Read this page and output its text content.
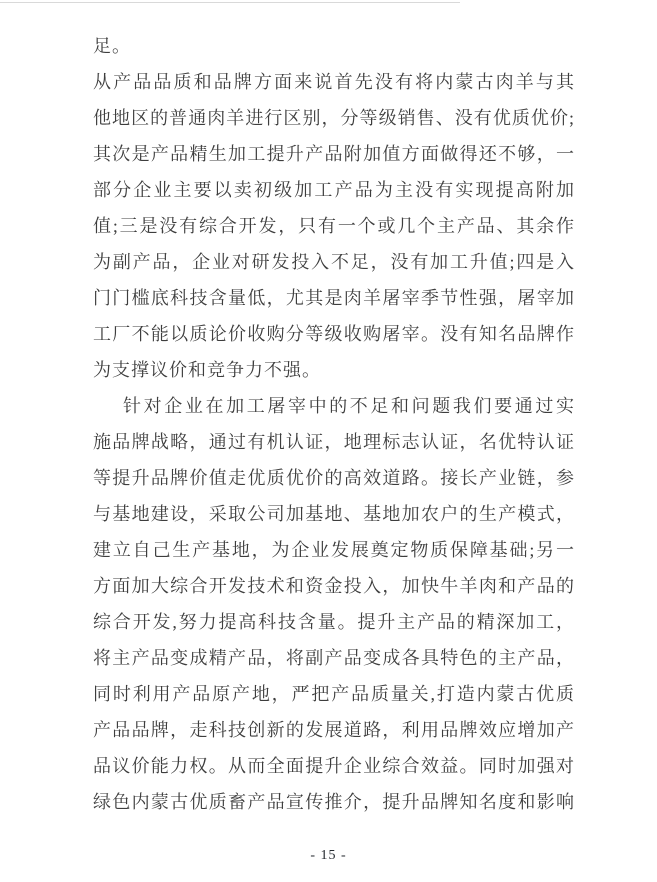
足。
从产品品质和品牌方面来说首先没有将内蒙古肉羊与其
他地区的普通肉羊进行区别，分等级销售、没有优质优价;
其次是产品精生加工提升产品附加值方面做得还不够，一
部分企业主要以卖初级加工产品为主没有实现提高附加
值;三是没有综合开发，只有一个或几个主产品、其余作
为副产品，企业对研发投入不足，没有加工升值;四是入
门门槛底科技含量低，尤其是肉羊屠宰季节性强，屠宰加
工厂不能以质论价收购分等级收购屠宰。没有知名品牌作
为支撑议价和竞争力不强。
针对企业在加工屠宰中的不足和问题我们要通过实
施品牌战略，通过有机认证，地理标志认证，名优特认证
等提升品牌价值走优质优价的高效道路。接长产业链，参
与基地建设，采取公司加基地、基地加农户的生产模式，
建立自己生产基地，为企业发展奠定物质保障基础;另一
方面加大综合开发技术和资金投入，加快牛羊肉和产品的
综合开发,努力提高科技含量。提升主产品的精深加工，
将主产品变成精产品，将副产品变成各具特色的主产品，
同时利用产品原产地，严把产品质量关,打造内蒙古优质
产品品牌，走科技创新的发展道路，利用品牌效应增加产
品议价能力权。从而全面提升企业综合效益。同时加强对
绿色内蒙古优质畜产品宣传推介，提升品牌知名度和影响
- 15 -
